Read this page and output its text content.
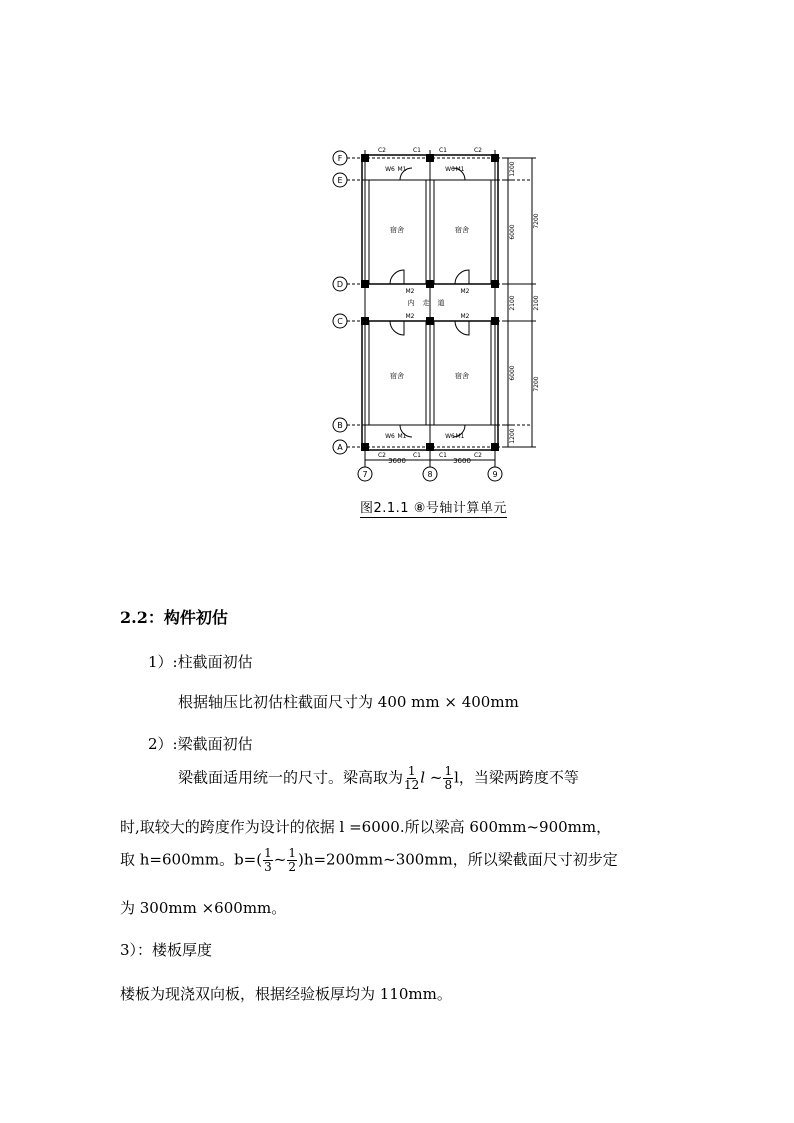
F
E
D
C
B
A
7	8	9
3600	3600
宿舍	宿舍
宿舍	宿舍
内走道
C2	C1	C1	C2
C2	C1	C1	C2
M1	M1
M1	M1
M2	M2
M2	M2
W6	W6
W6	W6
1200
6000
2100
6000
1200
7200
2100
7200
图2.1.1 ⑧号轴计算单元
2.2：构件初估
1）:柱截面初估
根据轴压比初估柱截面尺寸为 400 mm × 400mm
2）:梁截面初估
梁截面适用统一的尺寸。梁高取为 $\frac{1}{12}$ l ~ $\frac{1}{8}$ l，当梁两跨度不等
时,取较大的跨度作为设计的依据 l =6000.所以梁高 600mm~900mm，
取 h=600mm。$b=( \frac{1}{3}$ ~ $\frac{1}{2}$ )h=200mm~300mm，所以梁截面尺寸初步定
为 300mm ×600mm。
3）：楼板厚度
楼板为现浇双向板，根据经验板厚均为 110mm。
